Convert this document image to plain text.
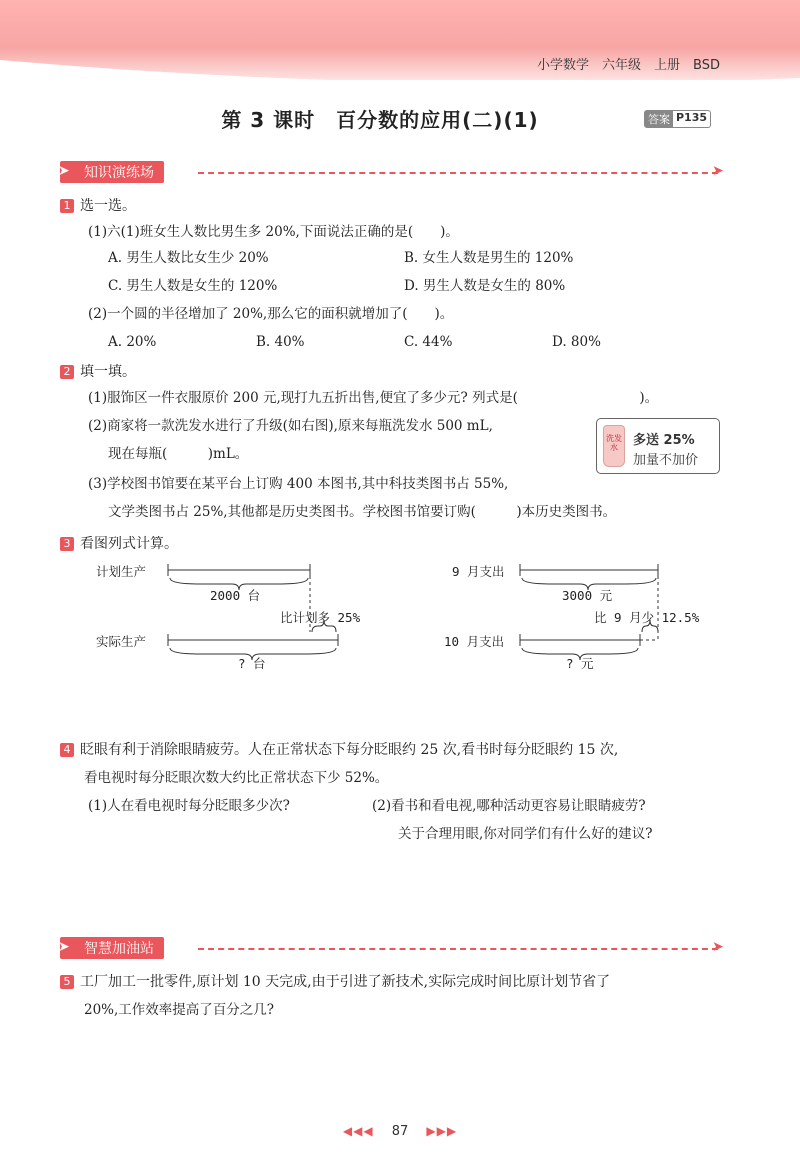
小学数学　六年级　上册　BSD
第 3 课时　百分数的应用(二)(1)	答案 P135
➤ 知识演练场	➤
1 选一选。
(1)六(1)班女生人数比男生多 20%,下面说法正确的是(　　)。
A. 男生人数比女生少 20%	B. 女生人数是男生的 120%
C. 男生人数是女生的 120%	D. 男生人数是女生的 80%
(2)一个圆的半径增加了 20%,那么它的面积就增加了(　　)。
A. 20%	B. 40%	C. 44%	D. 80%
2 填一填。
(1)服饰区一件衣服原价 200 元,现打九五折出售,便宜了多少元? 列式是(　　　　　　　　　)。
(2)商家将一款洗发水进行了升级(如右图),原来每瓶洗发水 500 mL,
现在每瓶(　　　)mL。
洗发水	多送 25%
加量不加价
(3)学校图书馆要在某平台上订购 400 本图书,其中科技类图书占 55%,
文学类图书占 25%,其他都是历史类图书。学校图书馆要订购(　　　)本历史类图书。
3 看图列式计算。
计划生产
2000 台
比计划多 25%
实际生产
? 台
9 月支出
3000 元
比 9 月少 12.5%
10 月支出
? 元
4 眨眼有利于消除眼睛疲劳。人在正常状态下每分眨眼约 25 次,看书时每分眨眼约 15 次,
看电视时每分眨眼次数大约比正常状态下少 52%。
(1)人在看电视时每分眨眼多少次?	(2)看书和看电视,哪种活动更容易让眼睛疲劳?
关于合理用眼,你对同学们有什么好的建议?
➤ 智慧加油站	➤
5 工厂加工一批零件,原计划 10 天完成,由于引进了新技术,实际完成时间比原计划节省了
20%,工作效率提高了百分之几?
◀◀◀ 87 ▶▶▶
